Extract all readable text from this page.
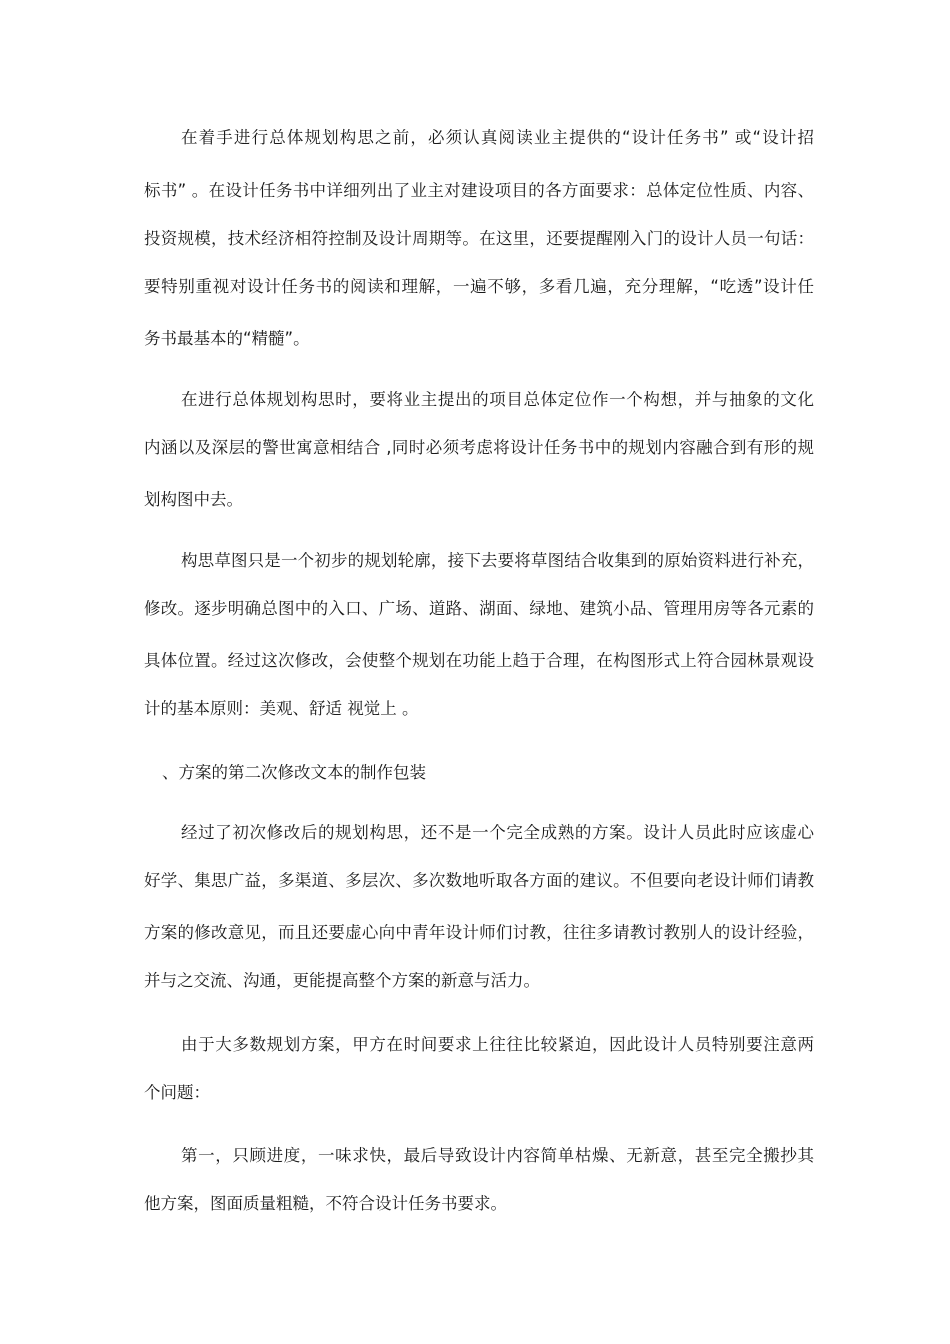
在着手进行总体规划构思之前，必须认真阅读业主提供的“设计任务书” 或“设计招
标书” 。在设计任务书中详细列出了业主对建设项目的各方面要求：总体定位性质、内容、
投资规模，技术经济相符控制及设计周期等。在这里，还要提醒刚入门的设计人员一句话：
要特别重视对设计任务书的阅读和理解，一遍不够，多看几遍，充分理解，“吃透”设计任
务书最基本的“精髓”。
在进行总体规划构思时，要将业主提出的项目总体定位作一个构想，并与抽象的文化
内涵以及深层的警世寓意相结合 ,同时必须考虑将设计任务书中的规划内容融合到有形的规
划构图中去。
构思草图只是一个初步的规划轮廓，接下去要将草图结合收集到的原始资料进行补充，
修改。逐步明确总图中的入口、广场、道路、湖面、绿地、建筑小品、管理用房等各元素的
具体位置。经过这次修改，会使整个规划在功能上趋于合理，在构图形式上符合园林景观设
计的基本原则：美观、舒适 视觉上 。
、方案的第二次修改文本的制作包装
经过了初次修改后的规划构思，还不是一个完全成熟的方案。设计人员此时应该虚心
好学、集思广益，多渠道、多层次、多次数地听取各方面的建议。不但要向老设计师们请教
方案的修改意见，而且还要虚心向中青年设计师们讨教，往往多请教讨教别人的设计经验，
并与之交流、沟通，更能提高整个方案的新意与活力。
由于大多数规划方案，甲方在时间要求上往往比较紧迫，因此设计人员特别要注意两
个问题：
第一，只顾进度，一味求快，最后导致设计内容简单枯燥、无新意，甚至完全搬抄其
他方案，图面质量粗糙，不符合设计任务书要求。
